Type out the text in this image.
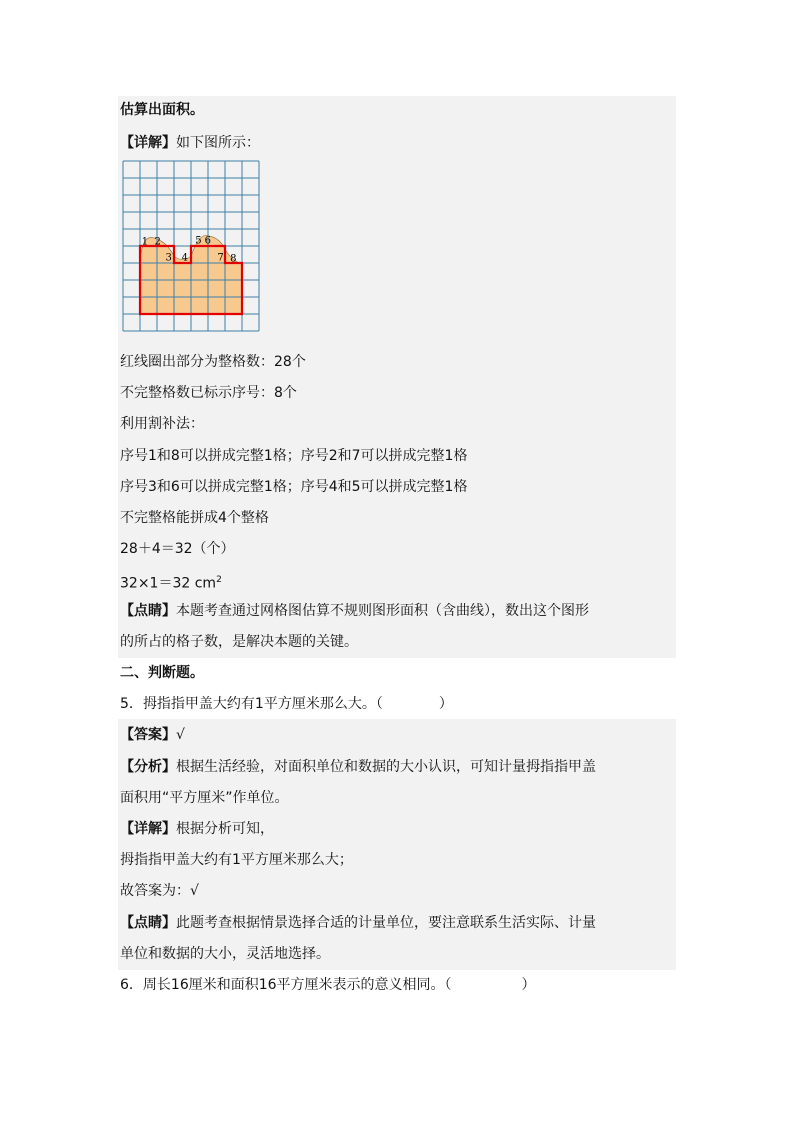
估算出面积。
【详解】如下图所示：
1 2
3 4
5 6
7 8
红线圈出部分为整格数：28个
不完整格数已标示序号：8个
利用割补法：
序号1和8可以拼成完整1格；序号2和7可以拼成完整1格
序号3和6可以拼成完整1格；序号4和5可以拼成完整1格
不完整格能拼成4个整格
28＋4＝32（个）
32×1＝32 $cm^2$
【点睛】本题考查通过网格图估算不规则图形面积（含曲线），数出这个图形
的所占的格子数，是解决本题的关键。
二、判断题。
5．拇指指甲盖大约有1平方厘米那么大。（　　　　）
【答案】√
【分析】根据生活经验，对面积单位和数据的大小认识，可知计量拇指指甲盖
面积用“平方厘米”作单位。
【详解】根据分析可知，
拇指指甲盖大约有1平方厘米那么大；
故答案为：√
【点睛】此题考查根据情景选择合适的计量单位，要注意联系生活实际、计量
单位和数据的大小，灵活地选择。
6．周长16厘米和面积16平方厘米表示的意义相同。（　　　　　）
